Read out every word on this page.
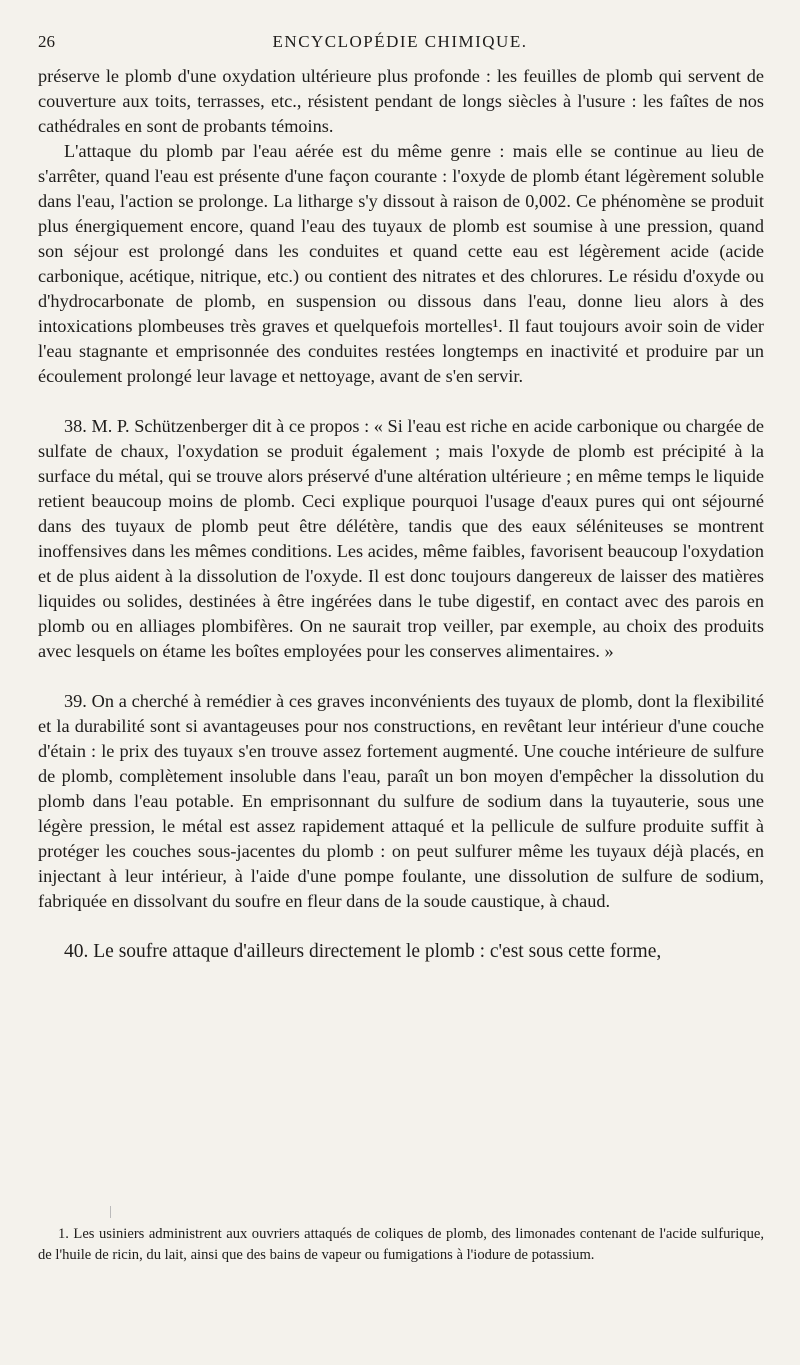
26	ENCYCLOPÉDIE CHIMIQUE.

préserve le plomb d'une oxydation ultérieure plus profonde : les feuilles de plomb qui servent de couverture aux toits, terrasses, etc., résistent pendant de longs siècles à l'usure : les faîtes de nos cathédrales en sont de probants témoins.

L'attaque du plomb par l'eau aérée est du même genre : mais elle se continue au lieu de s'arrêter, quand l'eau est présente d'une façon courante : l'oxyde de plomb étant légèrement soluble dans l'eau, l'action se prolonge. La litharge s'y dissout à raison de 0,002. Ce phénomène se produit plus énergiquement encore, quand l'eau des tuyaux de plomb est soumise à une pression, quand son séjour est prolongé dans les conduites et quand cette eau est légèrement acide (acide carbonique, acétique, nitrique, etc.) ou contient des nitrates et des chlorures. Le résidu d'oxyde ou d'hydrocarbonate de plomb, en suspension ou dissous dans l'eau, donne lieu alors à des intoxications plombeuses très graves et quelquefois mortelles¹. Il faut toujours avoir soin de vider l'eau stagnante et emprisonnée des conduites restées longtemps en inactivité et produire par un écoulement prolongé leur lavage et nettoyage, avant de s'en servir.

38. M. P. Schützenberger dit à ce propos : « Si l'eau est riche en acide carbonique ou chargée de sulfate de chaux, l'oxydation se produit également ; mais l'oxyde de plomb est précipité à la surface du métal, qui se trouve alors préservé d'une altération ultérieure ; en même temps le liquide retient beaucoup moins de plomb. Ceci explique pourquoi l'usage d'eaux pures qui ont séjourné dans des tuyaux de plomb peut être délétère, tandis que des eaux séléniteuses se montrent inoffensives dans les mêmes conditions. Les acides, même faibles, favorisent beaucoup l'oxydation et de plus aident à la dissolution de l'oxyde. Il est donc toujours dangereux de laisser des matières liquides ou solides, destinées à être ingérées dans le tube digestif, en contact avec des parois en plomb ou en alliages plombifères. On ne saurait trop veiller, par exemple, au choix des produits avec lesquels on étame les boîtes employées pour les conserves alimentaires. »

39. On a cherché à remédier à ces graves inconvénients des tuyaux de plomb, dont la flexibilité et la durabilité sont si avantageuses pour nos constructions, en revêtant leur intérieur d'une couche d'étain : le prix des tuyaux s'en trouve assez fortement augmenté. Une couche intérieure de sulfure de plomb, complètement insoluble dans l'eau, paraît un bon moyen d'empêcher la dissolution du plomb dans l'eau potable. En emprisonnant du sulfure de sodium dans la tuyauterie, sous une légère pression, le métal est assez rapidement attaqué et la pellicule de sulfure produite suffit à protéger les couches sous-jacentes du plomb : on peut sulfurer même les tuyaux déjà placés, en injectant à leur intérieur, à l'aide d'une pompe foulante, une dissolution de sulfure de sodium, fabriquée en dissolvant du soufre en fleur dans de la soude caustique, à chaud.

40. Le soufre attaque d'ailleurs directement le plomb : c'est sous cette forme,

1. Les usiniers administrent aux ouvriers attaqués de coliques de plomb, des limonades contenant de l'acide sulfurique, de l'huile de ricin, du lait, ainsi que des bains de vapeur ou fumigations à l'iodure de potassium.
